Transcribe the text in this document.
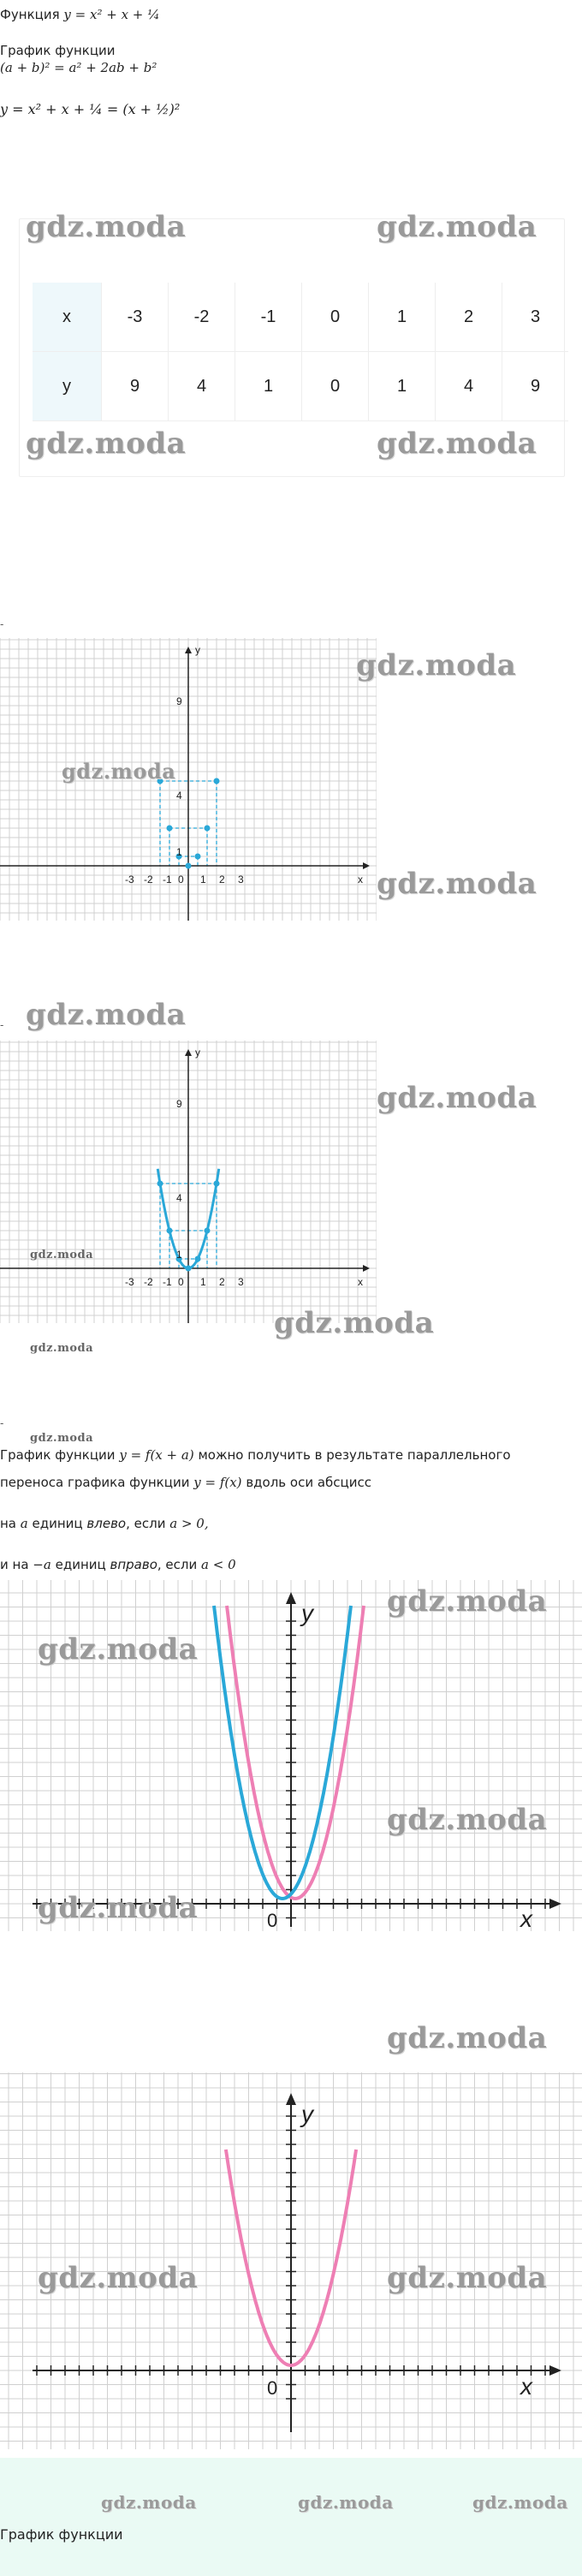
Функция y = x² + x + ¼
График функции
(a + b)² = a² + 2ab + b²
y = x² + x + ¼ = (x + ½)²
gdz.moda	gdz.moda
x	-3	-2	-1	0	1	2	3
y	9	4	1	0	1	4	9
gdz.moda	gdz.moda
-
x
y
-3 -2 -1 0 1 2 3
1
4
9
gdz.moda
gdz.moda
gdz.moda
- gdz.moda
x
y
-3 -2 -1 0 1 2 3
1
4
9	gdz.moda
gdz.moda
gdz.moda
gdz.moda
-
gdz.moda
График функции y = f(x + a) можно получить в результате параллельного
переноса графика функции y = f(x) вдоль оси абсцисс
на a единиц влево, если a > 0,
и на −a единиц вправо, если a < 0
x
y
0
gdz.moda
gdz.moda
gdz.moda
gdz.moda
gdz.moda
x
y
0
gdz.moda	gdz.moda
gdz.moda	gdz.moda	gdz.moda
График функции
